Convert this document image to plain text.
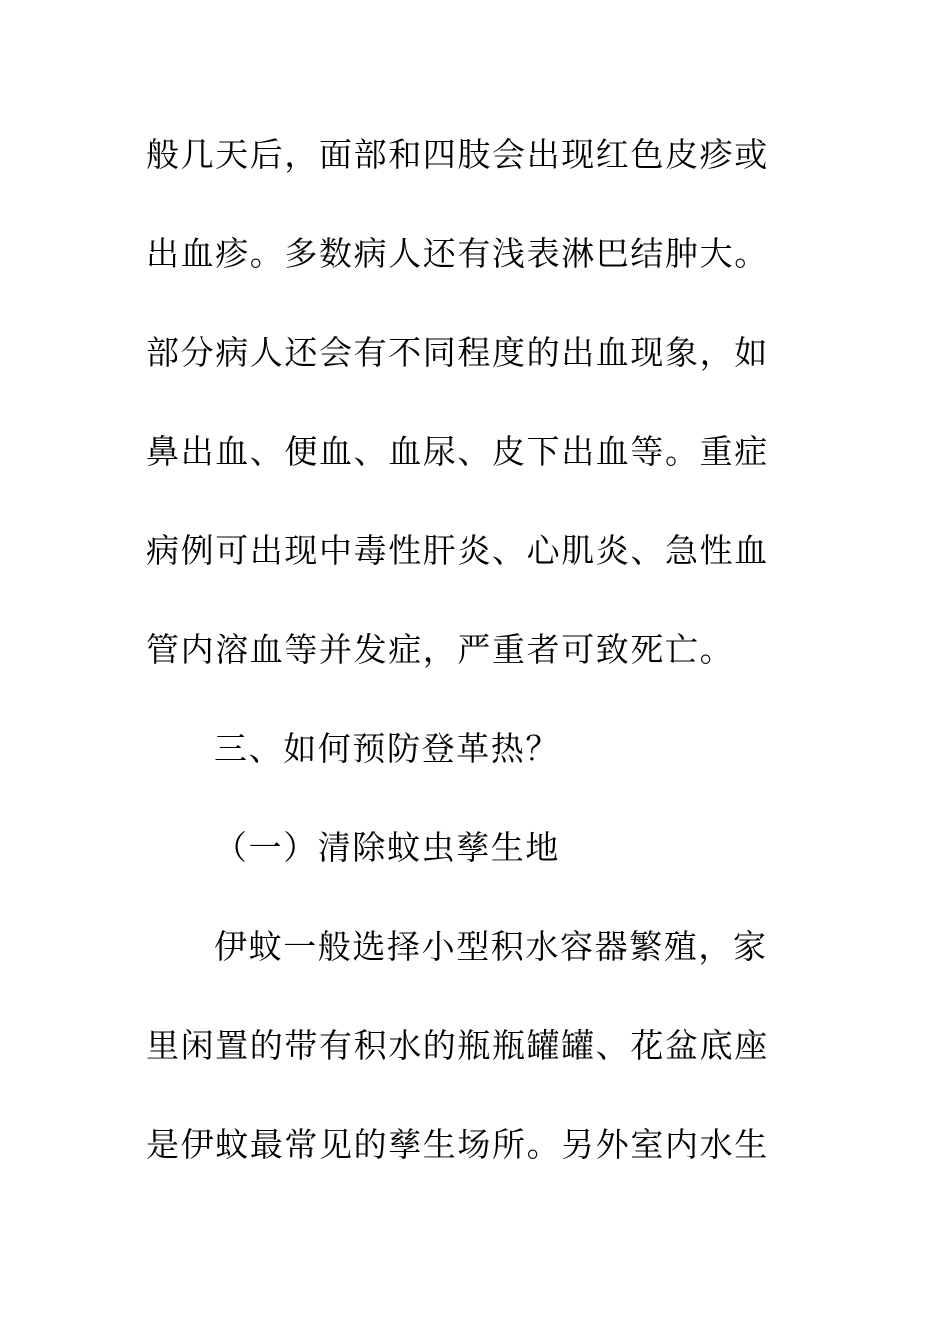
般几天后，面部和四肢会出现红色皮疹或
出血疹。多数病人还有浅表淋巴结肿大。
部分病人还会有不同程度的出血现象，如
鼻出血、便血、血尿、皮下出血等。重症
病例可出现中毒性肝炎、心肌炎、急性血
管内溶血等并发症，严重者可致死亡。
三、如何预防登革热？
（一）清除蚊虫孳生地
伊蚊一般选择小型积水容器繁殖，家
里闲置的带有积水的瓶瓶罐罐、花盆底座
是伊蚊最常见的孳生场所。另外室内水生
